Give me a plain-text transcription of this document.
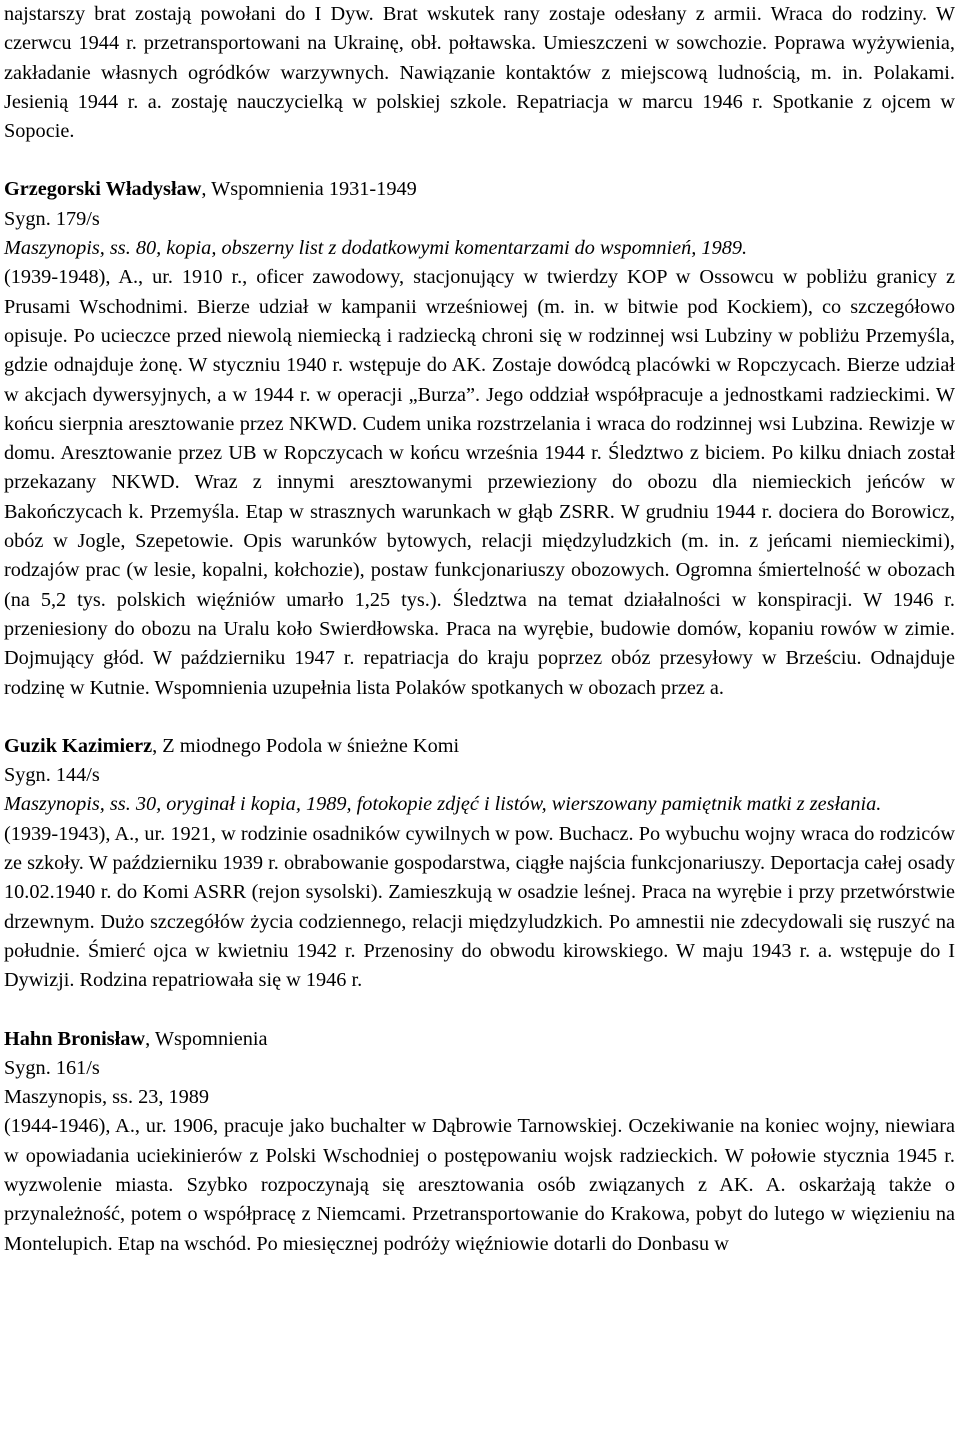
najstarszy brat zostają powołani do I Dyw. Brat wskutek rany zostaje odesłany z armii. Wraca do rodziny. W czerwcu 1944 r. przetransportowani na Ukrainę, obł. połtawska. Umieszczeni w sowchozie. Poprawa wyżywienia, zakładanie własnych ogródków warzywnych. Nawiązanie kontaktów z miejscową ludnością, m. in. Polakami. Jesienią 1944 r. a. zostaję nauczycielką w polskiej szkole. Repatriacja w marcu 1946 r. Spotkanie z ojcem w Sopocie.

Grzegorski Władysław, Wspomnienia 1931-1949

Sygn. 179/s

Maszynopis, ss. 80, kopia, obszerny list z dodatkowymi komentarzami do wspomnień, 1989.

(1939-1948), A., ur. 1910 r., oficer zawodowy, stacjonujący w twierdzy KOP w Ossowcu w pobliżu granicy z Prusami Wschodnimi. Bierze udział w kampanii wrześniowej (m. in. w bitwie pod Kockiem), co szczegółowo opisuje. Po ucieczce przed niewolą niemiecką i radziecką chroni się w rodzinnej wsi Lubziny w pobliżu Przemyśla, gdzie odnajduje żonę. W styczniu 1940 r. wstępuje do AK. Zostaje dowódcą placówki w Ropczycach. Bierze udział w akcjach dywersyjnych, a w 1944 r. w operacji „Burza”. Jego oddział współpracuje a jednostkami radzieckimi. W końcu sierpnia aresztowanie przez NKWD. Cudem unika rozstrzelania i wraca do rodzinnej wsi Lubzina. Rewizje w domu. Aresztowanie przez UB w Ropczycach w końcu września 1944 r. Śledztwo z biciem. Po kilku dniach został przekazany NKWD. Wraz z innymi aresztowanymi przewieziony do obozu dla niemieckich jeńców w Bakończycach k. Przemyśla. Etap w strasznych warunkach w głąb ZSRR. W grudniu 1944 r. dociera do Borowicz, obóz w Jogle, Szepetowie. Opis warunków bytowych, relacji międzyludzkich (m. in. z jeńcami niemieckimi), rodzajów prac (w lesie, kopalni, kołchozie), postaw funkcjonariuszy obozowych. Ogromna śmiertelność w obozach (na 5,2 tys. polskich więźniów umarło 1,25 tys.). Śledztwa na temat działalności w konspiracji. W 1946 r. przeniesiony do obozu na Uralu koło Swierdłowska. Praca na wyrębie, budowie domów, kopaniu rowów w zimie. Dojmujący głód. W październiku 1947 r. repatriacja do kraju poprzez obóz przesyłowy w Brześciu. Odnajduje rodzinę w Kutnie. Wspomnienia uzupełnia lista Polaków spotkanych w obozach przez a.

Guzik Kazimierz, Z miodnego Podola w śnieżne Komi

Sygn. 144/s

Maszynopis, ss. 30, oryginał i kopia, 1989, fotokopie zdjęć i listów, wierszowany pamiętnik matki z zesłania.

(1939-1943), A., ur. 1921, w rodzinie osadników cywilnych w pow. Buchacz. Po wybuchu wojny wraca do rodziców ze szkoły. W październiku 1939 r. obrabowanie gospodarstwa, ciągłe najścia funkcjonariuszy. Deportacja całej osady 10.02.1940 r. do Komi ASRR (rejon sysolski). Zamieszkują w osadzie leśnej. Praca na wyrębie i przy przetwórstwie drzewnym. Dużo szczegółów życia codziennego, relacji międzyludzkich. Po amnestii nie zdecydowali się ruszyć na południe. Śmierć ojca w kwietniu 1942 r. Przenosiny do obwodu kirowskiego. W maju 1943 r. a. wstępuje do I Dywizji. Rodzina repatriowała się w 1946 r.

Hahn Bronisław, Wspomnienia

Sygn. 161/s

Maszynopis, ss. 23, 1989

(1944-1946), A., ur. 1906, pracuje jako buchalter w Dąbrowie Tarnowskiej. Oczekiwanie na koniec wojny, niewiara w opowiadania uciekinierów z Polski Wschodniej o postępowaniu wojsk radzieckich. W połowie stycznia 1945 r. wyzwolenie miasta. Szybko rozpoczynają się aresztowania osób związanych z AK. A. oskarżają także o przynależność, potem o współpracę z Niemcami. Przetransportowanie do Krakowa, pobyt do lutego w więzieniu na Montelupich. Etap na wschód. Po miesięcznej podróży więźniowie dotarli do Donbasu w
